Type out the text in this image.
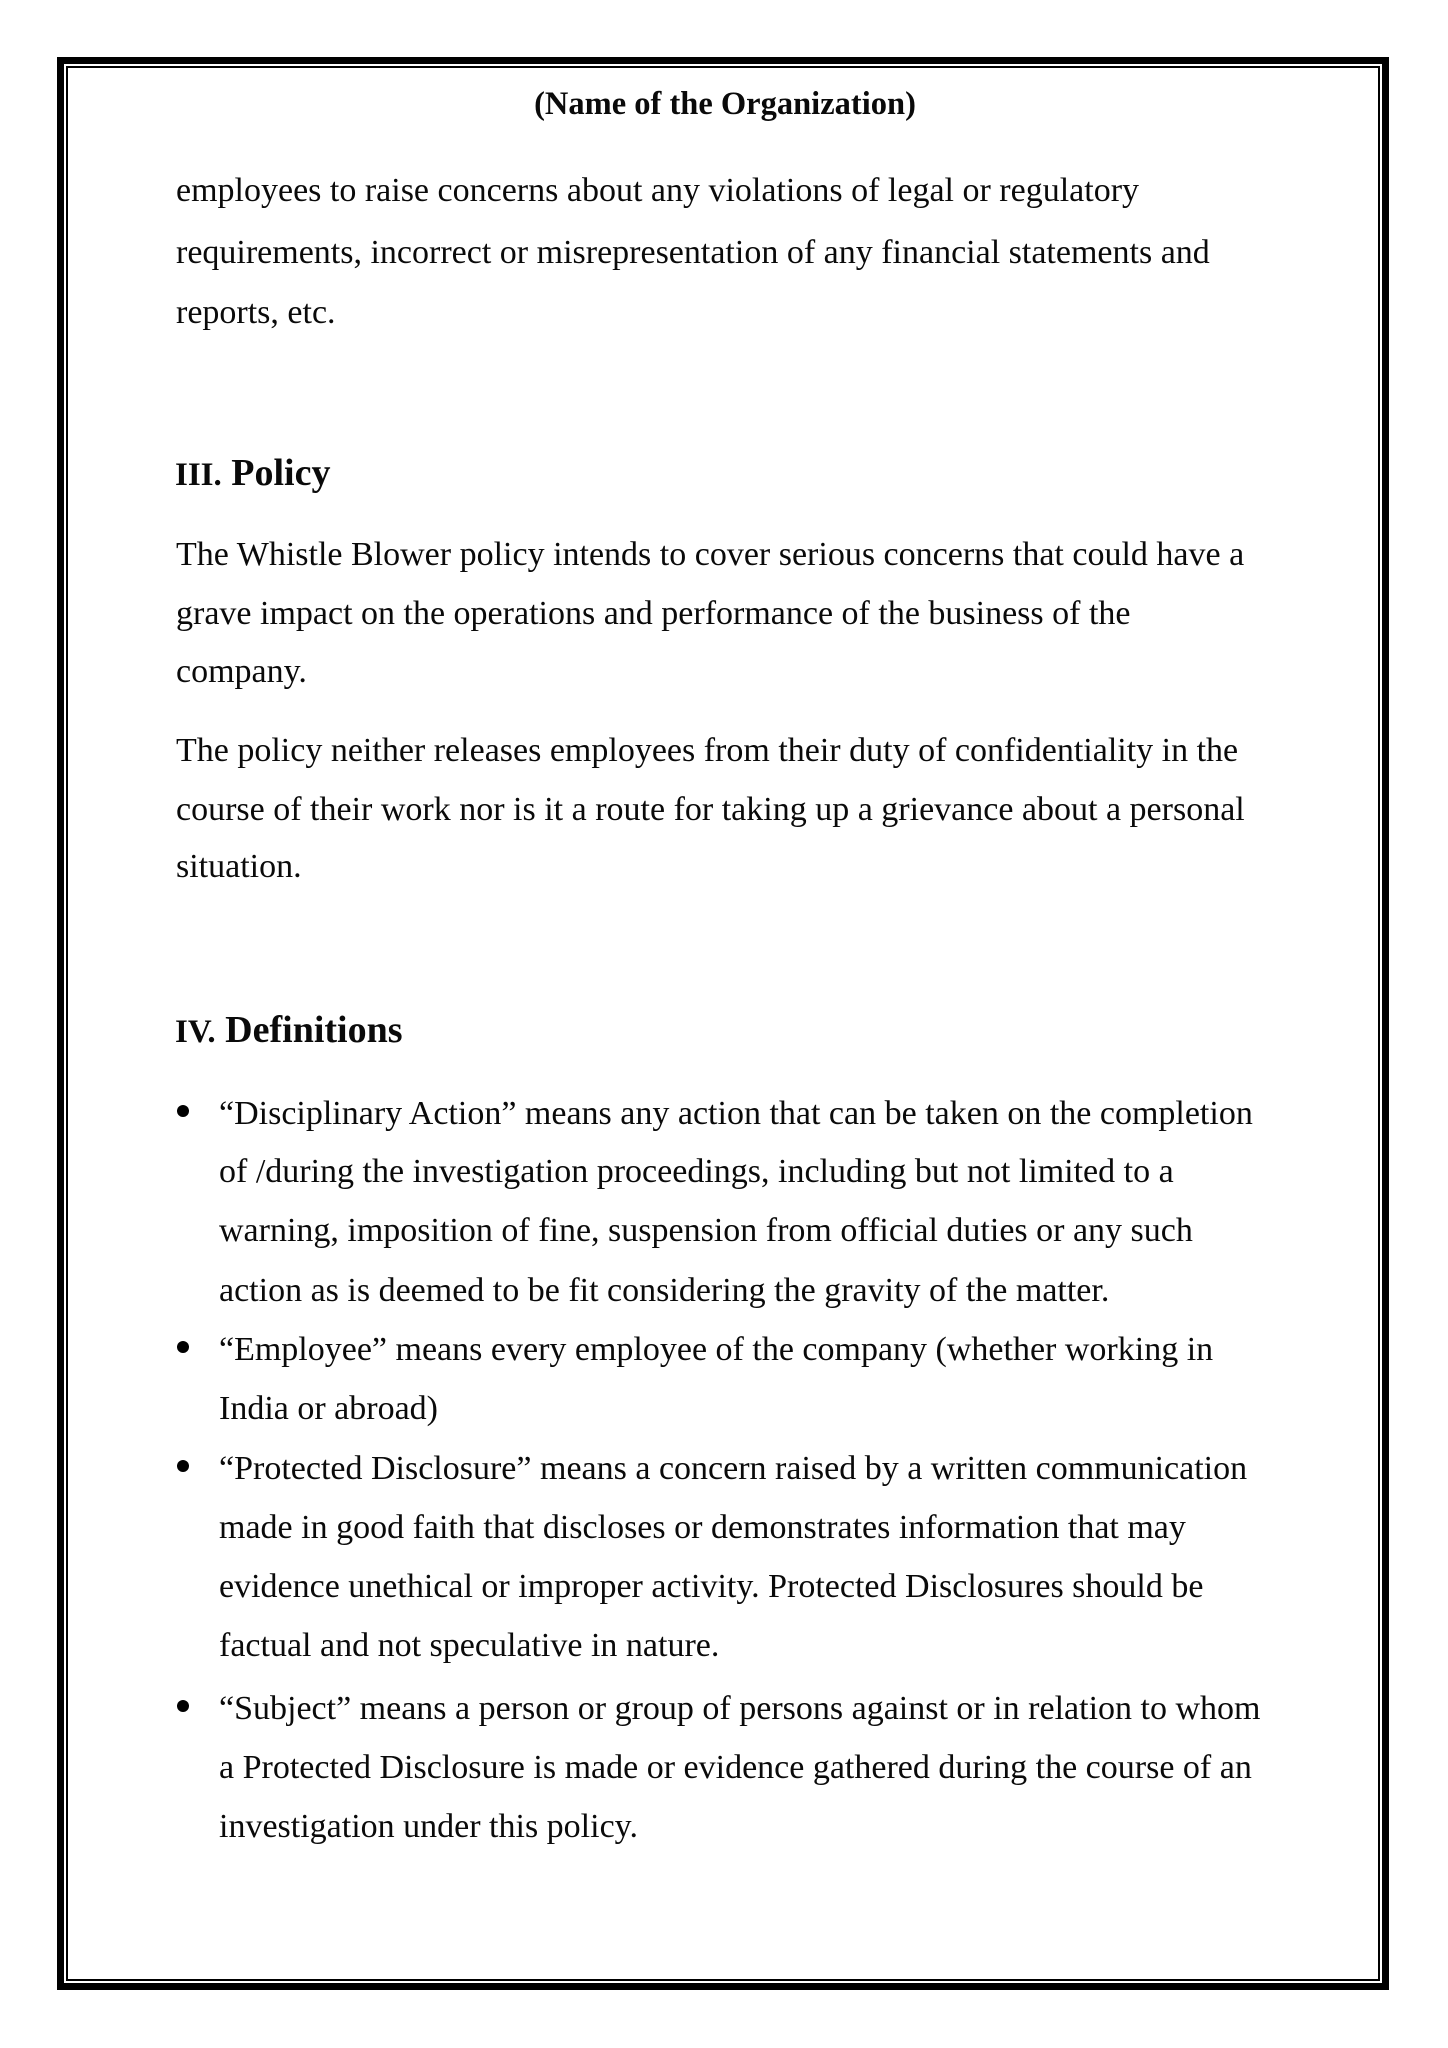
(Name of the Organization)

employees to raise concerns about any violations of legal or regulatory

requirements, incorrect or misrepresentation of any financial statements and

reports, etc.

III. Policy

The Whistle Blower policy intends to cover serious concerns that could have a

grave impact on the operations and performance of the business of the

company.

The policy neither releases employees from their duty of confidentiality in the

course of their work nor is it a route for taking up a grievance about a personal

situation.

IV. Definitions

“Disciplinary Action” means any action that can be taken on the completion

of /during the investigation proceedings, including but not limited to a

warning, imposition of fine, suspension from official duties or any such

action as is deemed to be fit considering the gravity of the matter.

“Employee” means every employee of the company (whether working in

India or abroad)

“Protected Disclosure” means a concern raised by a written communication

made in good faith that discloses or demonstrates information that may

evidence unethical or improper activity. Protected Disclosures should be

factual and not speculative in nature.

“Subject” means a person or group of persons against or in relation to whom

a Protected Disclosure is made or evidence gathered during the course of an

investigation under this policy.
